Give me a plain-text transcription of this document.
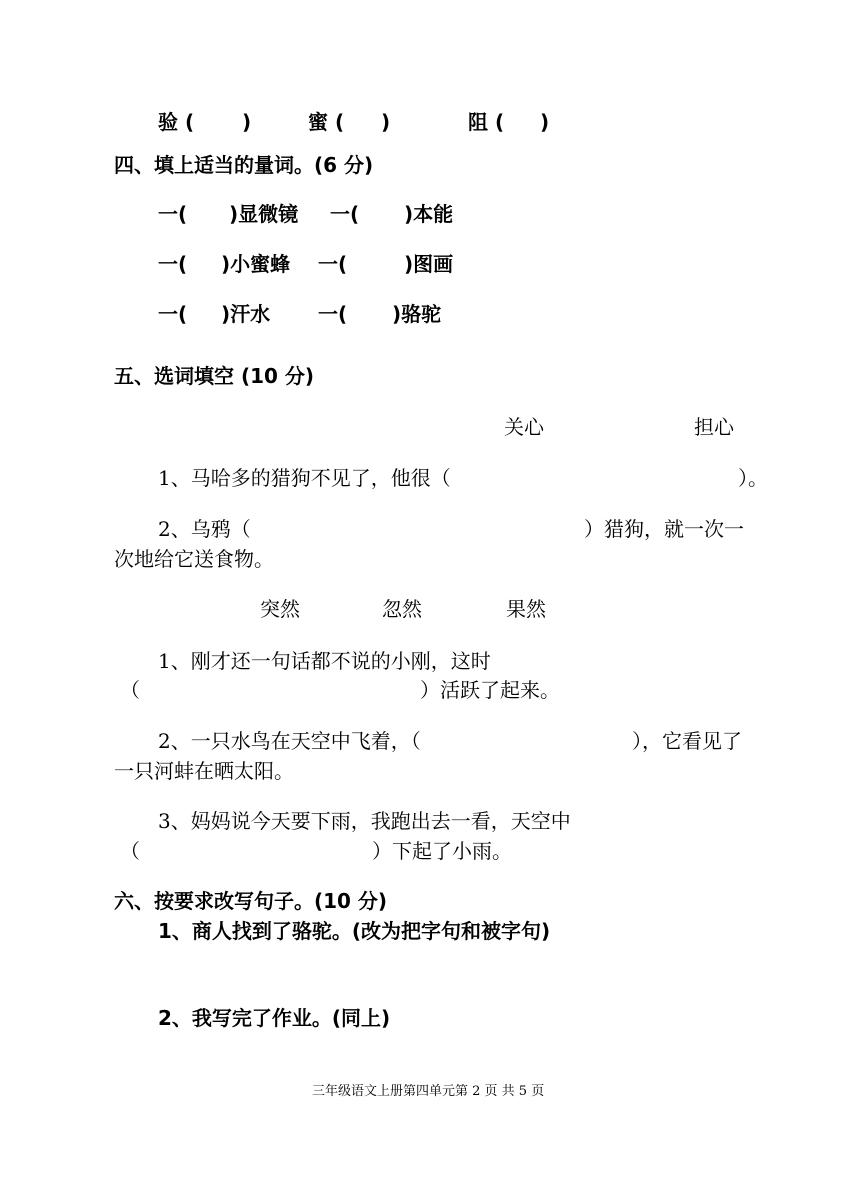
验 ( )	蜜 ( )	阻 ( )
四、填上适当的量词。(6 分)
一( )显微镜 一( )本能
一( )小蜜蜂 一(	)图画
一( )汗水 一( )骆驼
五、选词填空 (10 分)
关心	担心
1、马哈多的猎狗不见了，他很（	）。
2、乌鸦（	）猎狗，就一次一
次地给它送食物。
突然	忽然	果然
1、刚才还一句话都不说的小刚，这时
（	）活跃了起来。
2、一只水鸟在天空中飞着，（	），它看见了
一只河蚌在晒太阳。
3、妈妈说今天要下雨，我跑出去一看，天空中
（	）下起了小雨。
六、按要求改写句子。(10 分)
1、商人找到了骆驼。(改为把字句和被字句)
2、我写完了作业。(同上)
三年级语文上册第四单元第 2 页 共 5 页
